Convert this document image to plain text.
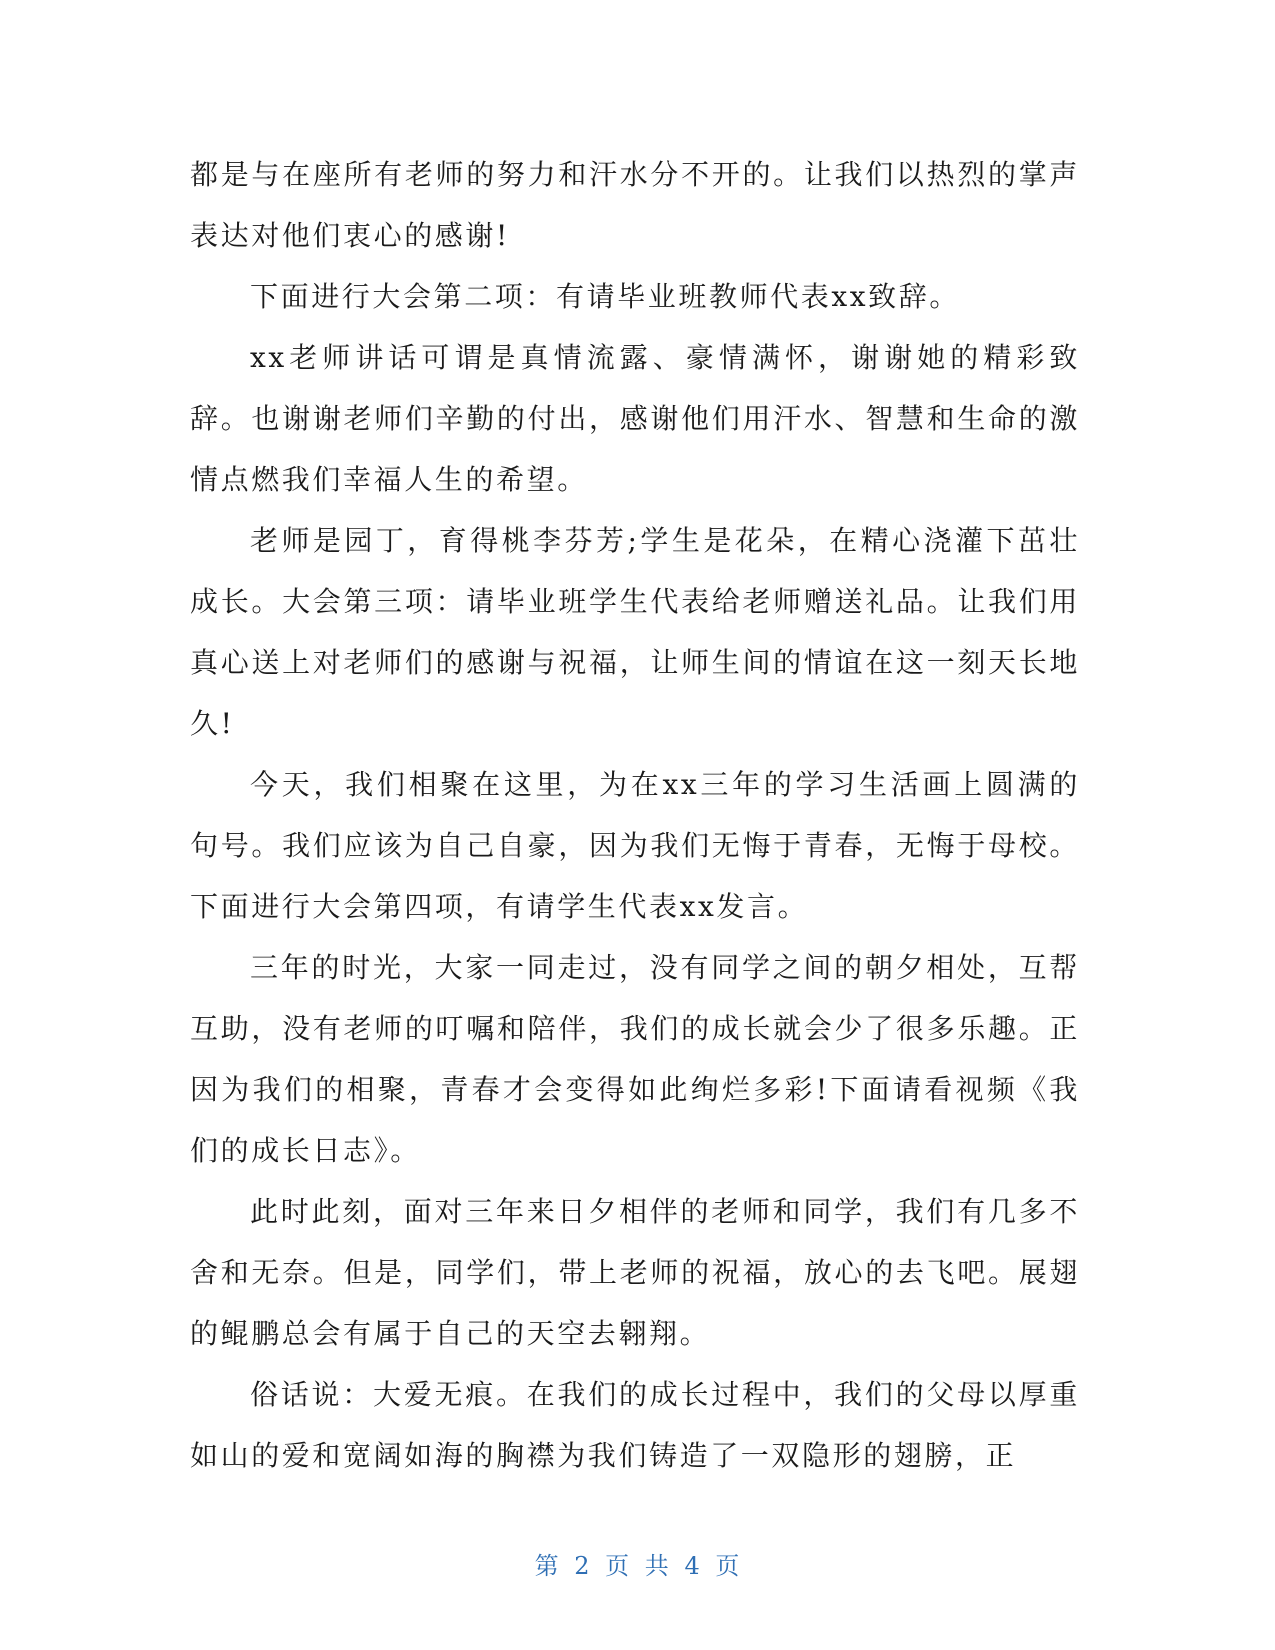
都是与在座所有老师的努力和汗水分不开的。让我们以热烈的掌声表达对他们衷心的感谢!

下面进行大会第二项：有请毕业班教师代表xx致辞。

xx老师讲话可谓是真情流露、豪情满怀，谢谢她的精彩致辞。也谢谢老师们辛勤的付出，感谢他们用汗水、智慧和生命的激情点燃我们幸福人生的希望。

老师是园丁，育得桃李芬芳;学生是花朵，在精心浇灌下茁壮成长。大会第三项：请毕业班学生代表给老师赠送礼品。让我们用真心送上对老师们的感谢与祝福，让师生间的情谊在这一刻天长地久!

今天，我们相聚在这里，为在xx三年的学习生活画上圆满的句号。我们应该为自己自豪，因为我们无悔于青春，无悔于母校。下面进行大会第四项，有请学生代表xx发言。

三年的时光，大家一同走过，没有同学之间的朝夕相处，互帮互助，没有老师的叮嘱和陪伴，我们的成长就会少了很多乐趣。正因为我们的相聚，青春才会变得如此绚烂多彩!下面请看视频《我们的成长日志》。

此时此刻，面对三年来日夕相伴的老师和同学，我们有几多不舍和无奈。但是，同学们，带上老师的祝福，放心的去飞吧。展翅的鲲鹏总会有属于自己的天空去翱翔。

俗话说：大爱无痕。在我们的成长过程中，我们的父母以厚重如山的爱和宽阔如海的胸襟为我们铸造了一双隐形的翅膀，正

第 2 页 共 4 页
